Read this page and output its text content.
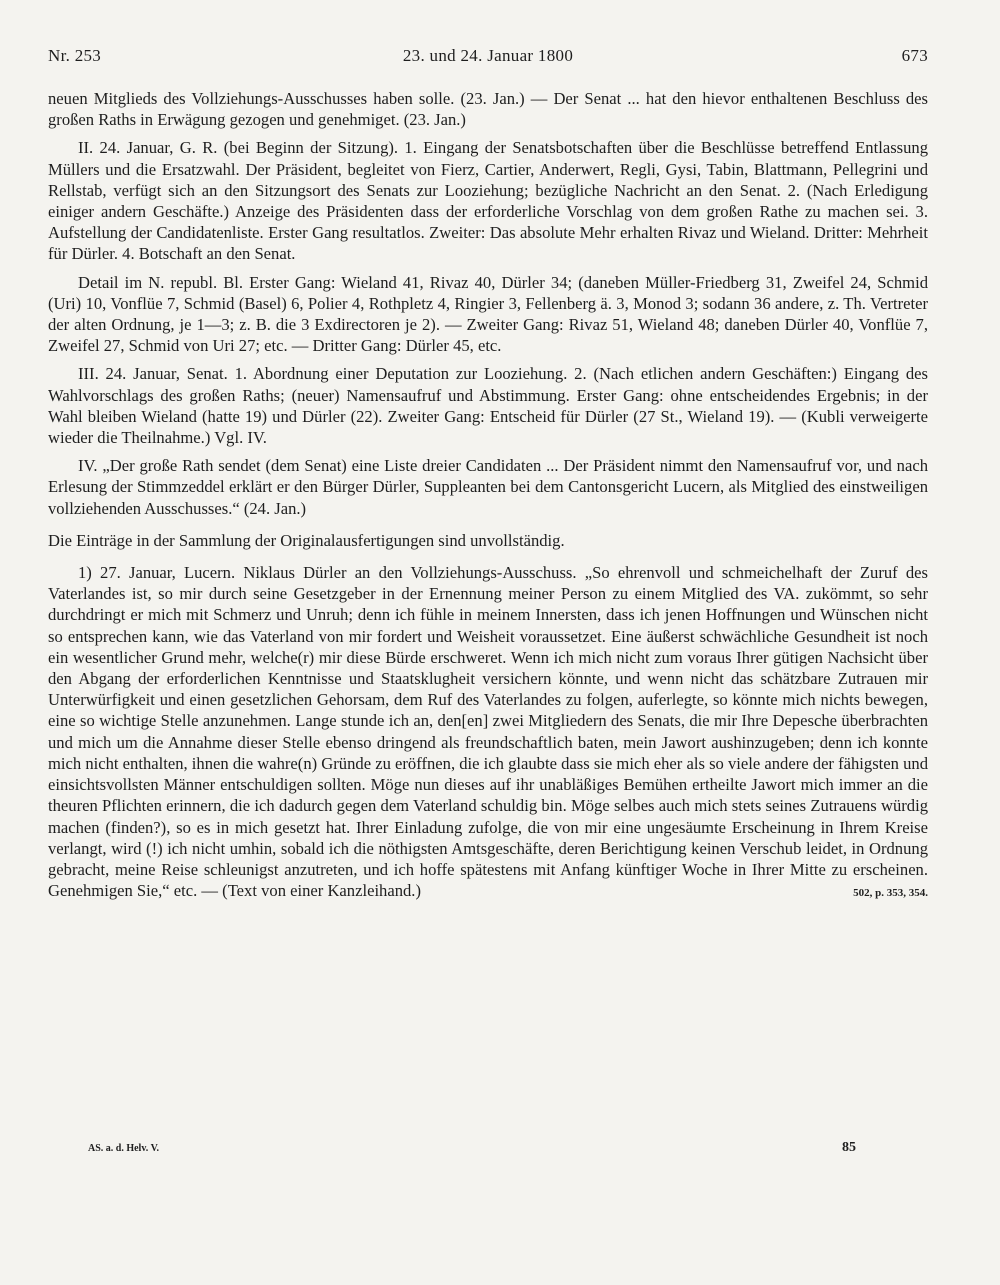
Nr. 253	23. und 24. Januar 1800	673

neuen Mitglieds des Vollziehungs-Ausschusses haben solle. (23. Jan.) — Der Senat ... hat den hievor enthaltenen Beschluss des großen Raths in Erwägung gezogen und genehmiget. (23. Jan.)

II. 24. Januar, G. R. (bei Beginn der Sitzung). 1. Eingang der Senatsbotschaften über die Beschlüsse betreffend Entlassung Müllers und die Ersatzwahl. Der Präsident, begleitet von Fierz, Cartier, Anderwert, Regli, Gysi, Tabin, Blattmann, Pellegrini und Rellstab, verfügt sich an den Sitzungsort des Senats zur Looziehung; bezügliche Nachricht an den Senat. 2. (Nach Erledigung einiger andern Geschäfte.) Anzeige des Präsidenten dass der erforderliche Vorschlag von dem großen Rathe zu machen sei. 3. Aufstellung der Candidatenliste. Erster Gang resultatlos. Zweiter: Das absolute Mehr erhalten Rivaz und Wieland. Dritter: Mehrheit für Dürler. 4. Botschaft an den Senat.

Detail im N. republ. Bl. Erster Gang: Wieland 41, Rivaz 40, Dürler 34; (daneben Müller-Friedberg 31, Zweifel 24, Schmid (Uri) 10, Vonflüe 7, Schmid (Basel) 6, Polier 4, Rothpletz 4, Ringier 3, Fellenberg ä. 3, Monod 3; sodann 36 andere, z. Th. Vertreter der alten Ordnung, je 1—3; z. B. die 3 Exdirectoren je 2). — Zweiter Gang: Rivaz 51, Wieland 48; daneben Dürler 40, Vonflüe 7, Zweifel 27, Schmid von Uri 27; etc. — Dritter Gang: Dürler 45, etc.

III. 24. Januar, Senat. 1. Abordnung einer Deputation zur Looziehung. 2. (Nach etlichen andern Geschäften:) Eingang des Wahlvorschlags des großen Raths; (neuer) Namensaufruf und Abstimmung. Erster Gang: ohne entscheidendes Ergebnis; in der Wahl bleiben Wieland (hatte 19) und Dürler (22). Zweiter Gang: Entscheid für Dürler (27 St., Wieland 19). — (Kubli verweigerte wieder die Theilnahme.) Vgl. IV.

IV. „Der große Rath sendet (dem Senat) eine Liste dreier Candidaten ... Der Präsident nimmt den Namensaufruf vor, und nach Erlesung der Stimmzeddel erklärt er den Bürger Dürler, Suppleanten bei dem Cantonsgericht Lucern, als Mitglied des einstweiligen vollziehenden Ausschusses.“ (24. Jan.)

Die Einträge in der Sammlung der Originalausfertigungen sind unvollständig.

1) 27. Januar, Lucern. Niklaus Dürler an den Vollziehungs-Ausschuss. „So ehrenvoll und schmeichelhaft der Zuruf des Vaterlandes ist, so mir durch seine Gesetzgeber in der Ernennung meiner Person zu einem Mitglied des VA. zukömmt, so sehr durchdringt er mich mit Schmerz und Unruh; denn ich fühle in meinem Innersten, dass ich jenen Hoffnungen und Wünschen nicht so entsprechen kann, wie das Vaterland von mir fordert und Weisheit voraussetzet. Eine äußerst schwächliche Gesundheit ist noch ein wesentlicher Grund mehr, welche(r) mir diese Bürde erschweret. Wenn ich mich nicht zum voraus Ihrer gütigen Nachsicht über den Abgang der erforderlichen Kenntnisse und Staatsklugheit versichern könnte, und wenn nicht das schätzbare Zutrauen mir Unterwürfigkeit und einen gesetzlichen Gehorsam, dem Ruf des Vaterlandes zu folgen, auferlegte, so könnte mich nichts bewegen, eine so wichtige Stelle anzunehmen. Lange stunde ich an, den[en] zwei Mitgliedern des Senats, die mir Ihre Depesche überbrachten und mich um die Annahme dieser Stelle ebenso dringend als freundschaftlich baten, mein Jawort aushinzugeben; denn ich konnte mich nicht enthalten, ihnen die wahre(n) Gründe zu eröffnen, die ich glaubte dass sie mich eher als so viele andere der fähigsten und einsichtsvollsten Männer entschuldigen sollten. Möge nun dieses auf ihr unabläßiges Bemühen ertheilte Jawort mich immer an die theuren Pflichten erinnern, die ich dadurch gegen dem Vaterland schuldig bin. Möge selbes auch mich stets seines Zutrauens würdig machen (finden?), so es in mich gesetzt hat. Ihrer Einladung zufolge, die von mir eine ungesäumte Erscheinung in Ihrem Kreise verlangt, wird (!) ich nicht umhin, sobald ich die nöthigsten Amtsgeschäfte, deren Berichtigung keinen Verschub leidet, in Ordnung gebracht, meine Reise schleunigst anzutreten, und ich hoffe spätestens mit Anfang künftiger Woche in Ihrer Mitte zu erscheinen. Genehmigen Sie,“ etc. — (Text von einer Kanzleihand.)	502, p. 353, 354.

AS. a. d. Helv. V.	85
